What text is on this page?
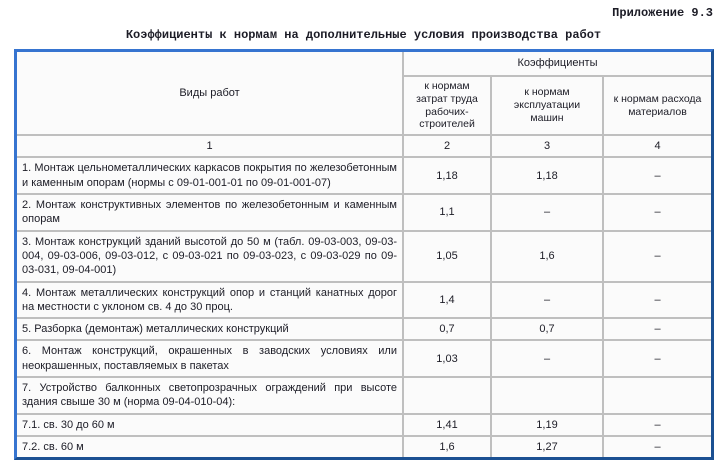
Приложение 9.3
Коэффициенты к нормам на дополнительные условия производства работ
Виды работ	Коэффициенты		
	к нормам затрат труда рабочих-строителей	к нормам эксплуатации машин	к нормам расхода материалов
1	2	3	4
1. Монтаж цельнометаллических каркасов покрытия по железобетонным и каменным опорам (нормы с 09-01-001-01 по 09-01-001-07)	1,18	1,18	–
2. Монтаж конструктивных элементов по железобетонным и каменным опорам	1,1	–	–
3. Монтаж конструкций зданий высотой до 50 м (табл. 09-03-003, 09-03-004, 09-03-006, 09-03-012, с 09-03-021 по 09-03-023, с 09-03-029 по 09-03-031, 09-04-001)	1,05	1,6	–
4. Монтаж металлических конструкций опор и станций канатных дорог на местности с уклоном св. 4 до 30 проц.	1,4	–	–
5. Разборка (демонтаж) металлических конструкций	0,7	0,7	–
6. Монтаж конструкций, окрашенных в заводских условиях или неокрашенных, поставляемых в пакетах	1,03	–	–
7. Устройство балконных светопрозрачных ограждений при высоте здания свыше 30 м (норма 09-04-010-04):			
7.1. св. 30 до 60 м	1,41	1,19	–
7.2. св. 60 м	1,6	1,27	–
